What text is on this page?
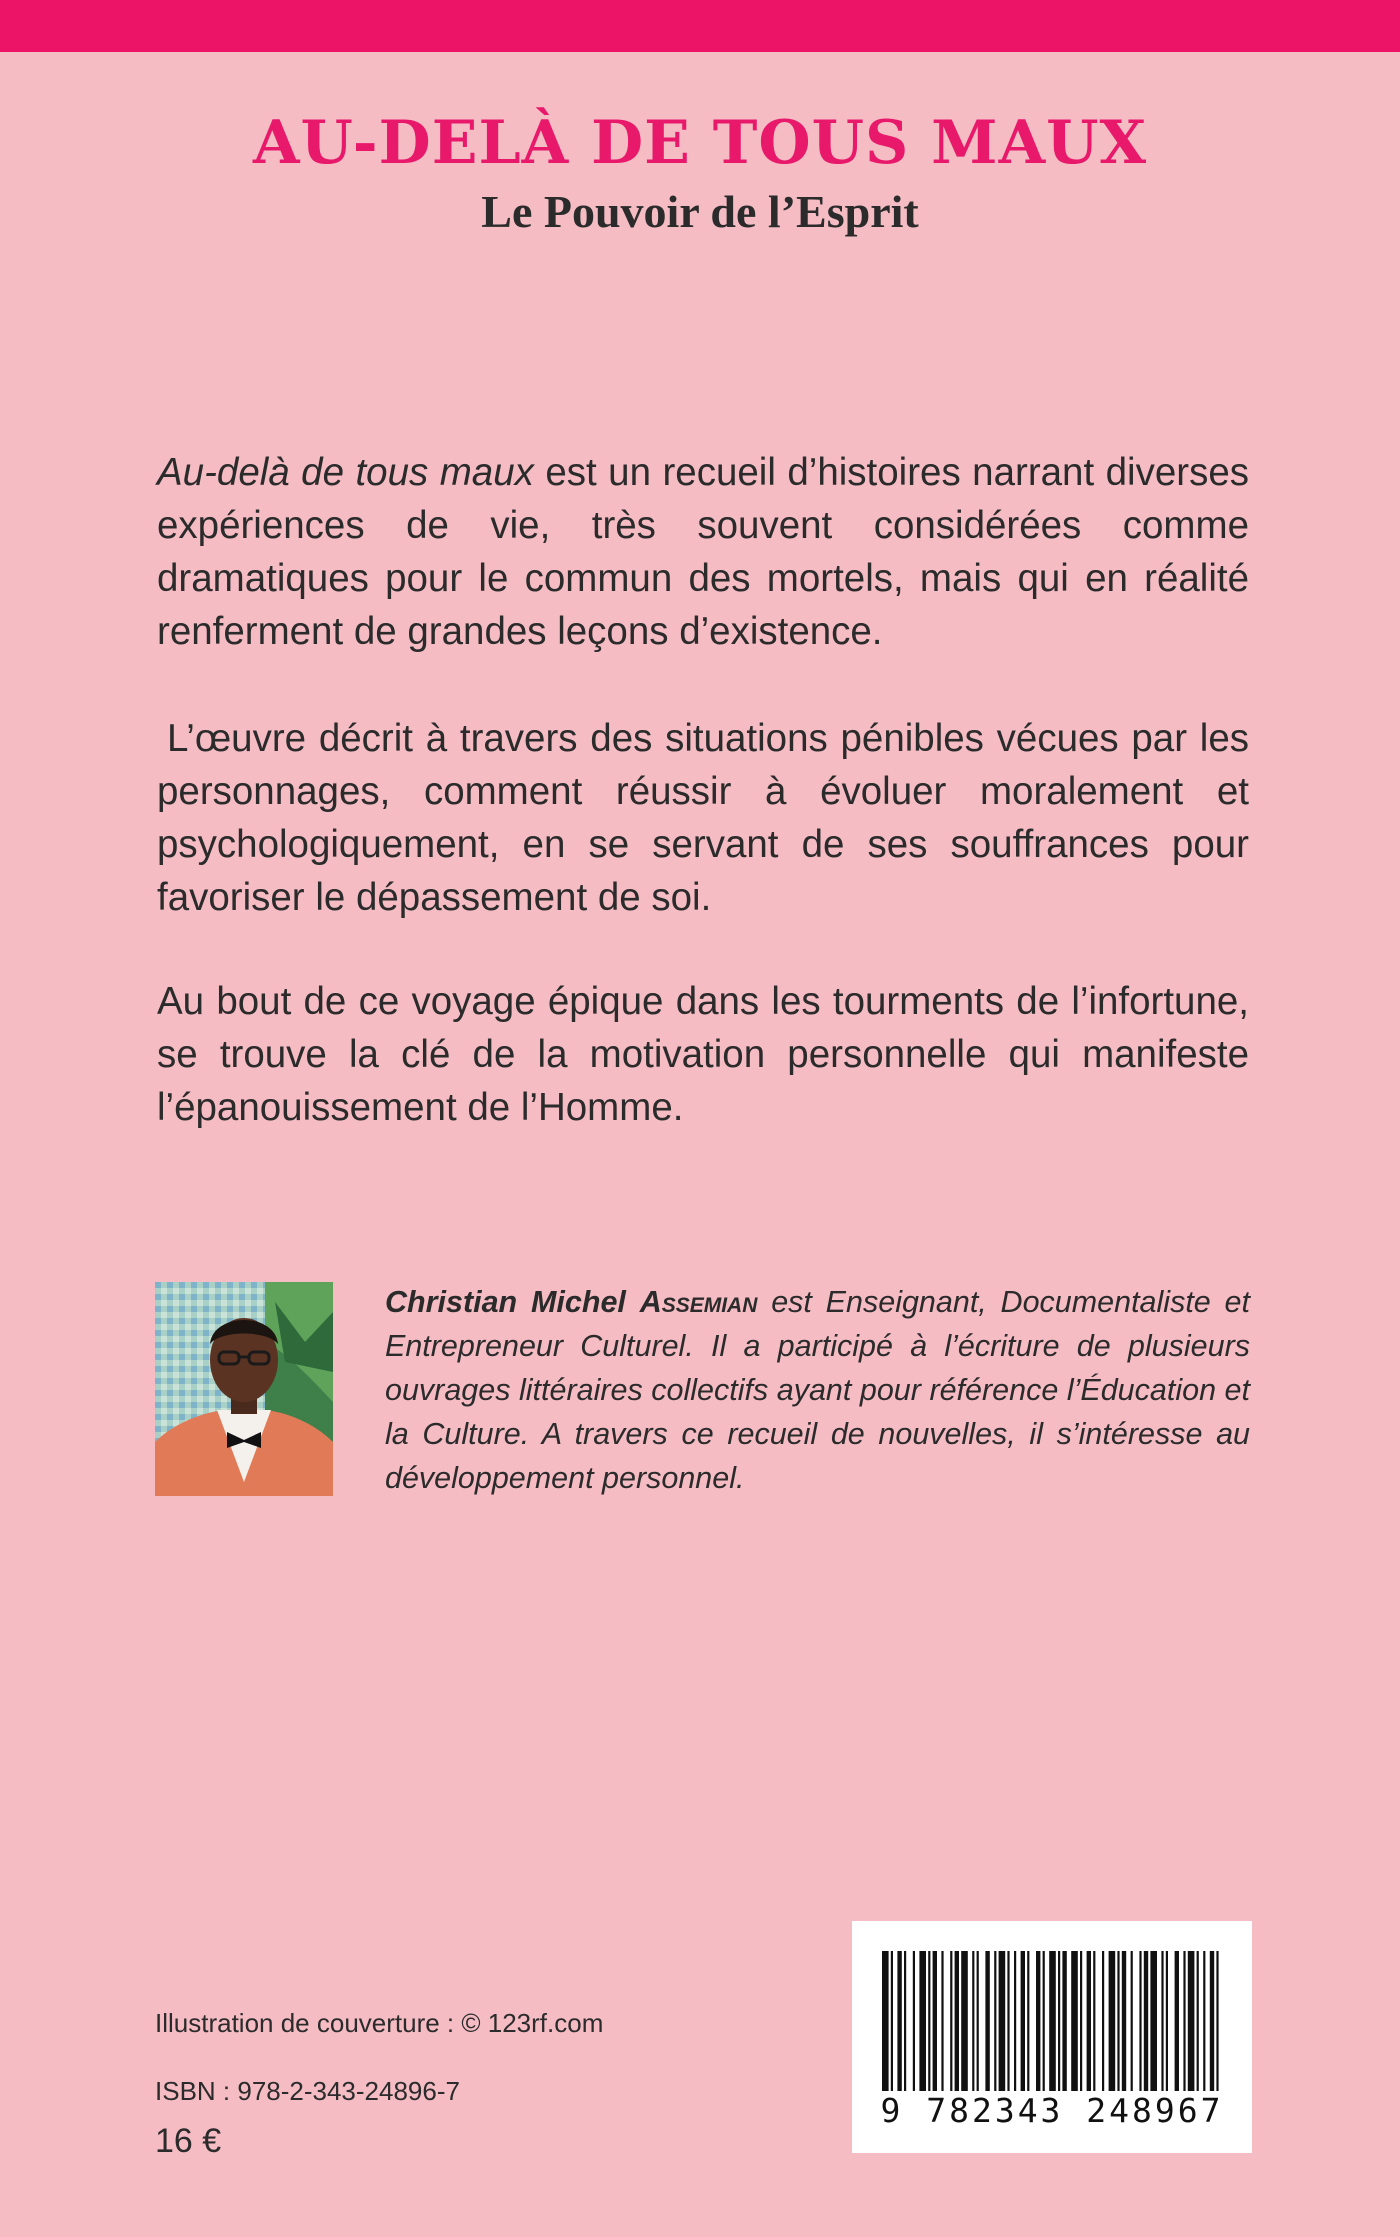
AU-DELÀ DE TOUS MAUX
Le Pouvoir de l’Esprit

Au-delà de tous maux est un recueil d’histoires narrant diverses expériences de vie, très souvent considérées comme dramatiques pour le commun des mortels, mais qui en réalité renferment de grandes leçons d’existence.

L’œuvre décrit à travers des situations pénibles vécues par les personnages, comment réussir à évoluer moralement et psychologiquement, en se servant de ses souffrances pour favoriser le dépassement de soi.

Au bout de ce voyage épique dans les tourments de l’infortune, se trouve la clé de la motivation personnelle qui manifeste l’épanouissement de l’Homme.

Christian Michel Assemian est Enseignant, Documentaliste et Entrepreneur Culturel. Il a participé à l’écriture de plusieurs ouvrages littéraires collectifs ayant pour référence l’Éducation et la Culture. A travers ce recueil de nouvelles, il s’intéresse au développement personnel.

Illustration de couverture : © 123rf.com

ISBN : 978-2-343-24896-7

16 €

9 782343 248967
